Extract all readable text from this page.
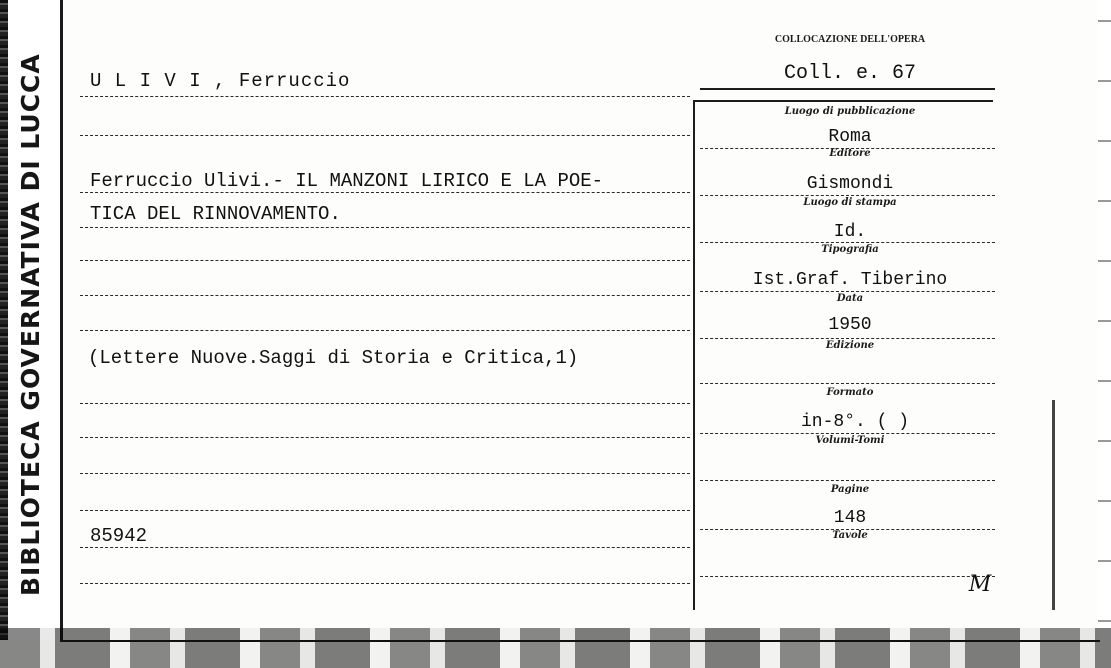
BIBLIOTECA GOVERNATIVA DI LUCCA U L I V I , Ferruccio
Ferruccio Ulivi.- IL MANZONI LIRICO E LA POE-
TICA DEL RINNOVAMENTO.
(Lettere Nuove.Saggi di Storia e Critica,1)
85942
COLLOCAZIONE DELL'OPERA
Coll. e. 67
Luogo di pubblicazione
Roma
Editore
Gismondi
Luogo di stampa
Id.
Tipografia
Ist.Graf. Tiberino
Data
1950
Edizione
Formato
in-8°. ( )
Volumi-Tomi
Pagine
148
Tavole
M
